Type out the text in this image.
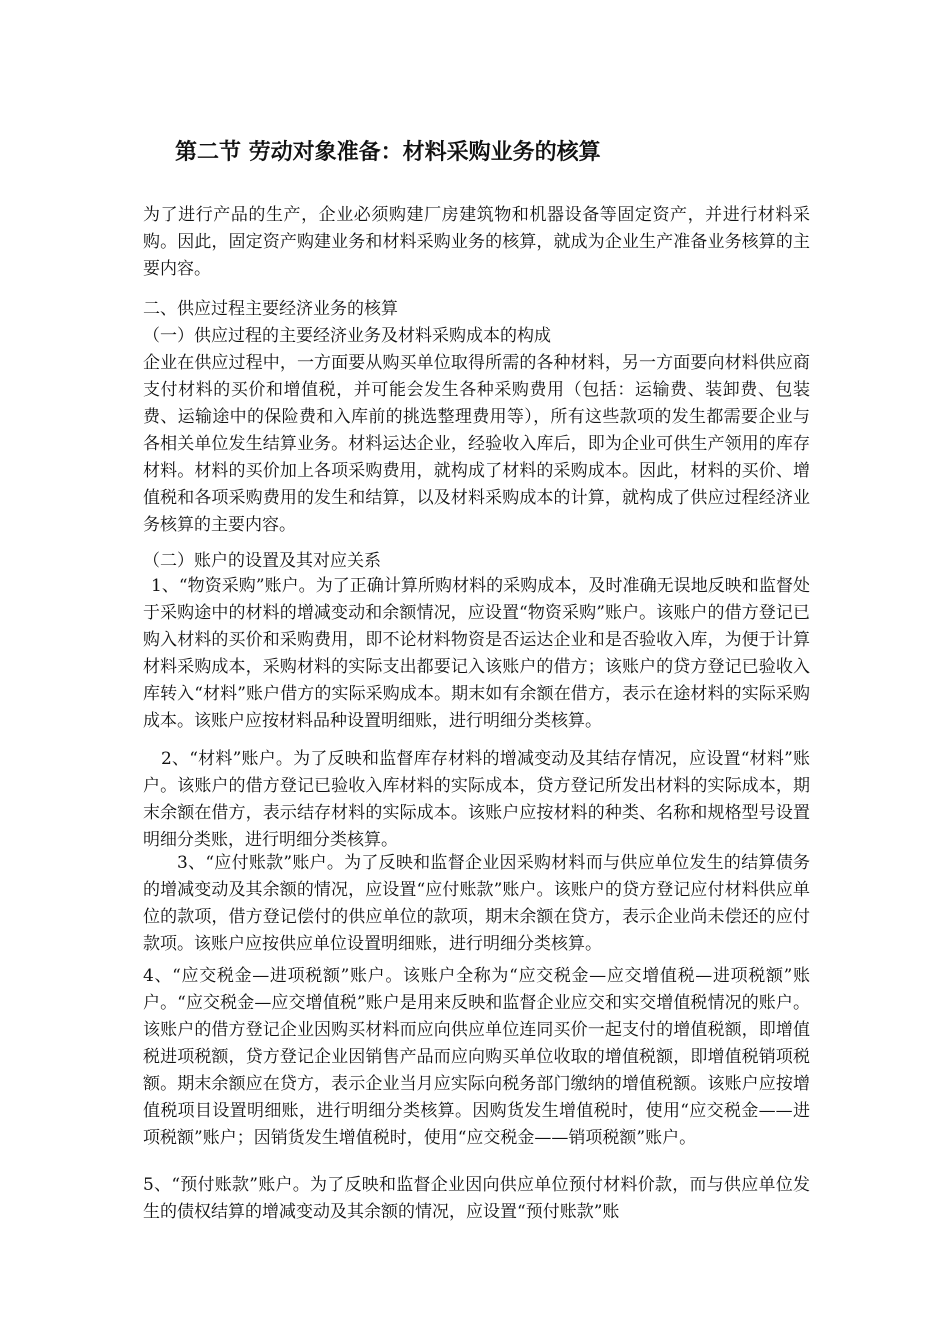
第二节 劳动对象准备：材料采购业务的核算

为了进行产品的生产，企业必须购建厂房建筑物和机器设备等固定资产，并进行材料采购。因此，固定资产购建业务和材料采购业务的核算，就成为企业生产准备业务核算的主要内容。

二、供应过程主要经济业务的核算

（一）供应过程的主要经济业务及材料采购成本的构成

企业在供应过程中，一方面要从购买单位取得所需的各种材料，另一方面要向材料供应商支付材料的买价和增值税，并可能会发生各种采购费用（包括：运输费、装卸费、包装费、运输途中的保险费和入库前的挑选整理费用等），所有这些款项的发生都需要企业与各相关单位发生结算业务。材料运达企业，经验收入库后，即为企业可供生产领用的库存材料。材料的买价加上各项采购费用，就构成了材料的采购成本。因此，材料的买价、增值税和各项采购费用的发生和结算，以及材料采购成本的计算，就构成了供应过程经济业务核算的主要内容。

（二）账户的设置及其对应关系

1、“物资采购”账户。为了正确计算所购材料的采购成本，及时准确无误地反映和监督处于采购途中的材料的增减变动和余额情况，应设置“物资采购”账户。该账户的借方登记已购入材料的买价和采购费用，即不论材料物资是否运达企业和是否验收入库，为便于计算材料采购成本，采购材料的实际支出都要记入该账户的借方；该账户的贷方登记已验收入库转入“材料”账户借方的实际采购成本。期末如有余额在借方，表示在途材料的实际采购成本。该账户应按材料品种设置明细账，进行明细分类核算。

2、“材料”账户。为了反映和监督库存材料的增减变动及其结存情况，应设置“材料”账户。该账户的借方登记已验收入库材料的实际成本，贷方登记所发出材料的实际成本，期末余额在借方，表示结存材料的实际成本。该账户应按材料的种类、名称和规格型号设置明细分类账，进行明细分类核算。

3、“应付账款”账户。为了反映和监督企业因采购材料而与供应单位发生的结算债务的增减变动及其余额的情况，应设置“应付账款”账户。该账户的贷方登记应付材料供应单位的款项，借方登记偿付的供应单位的款项，期末余额在贷方，表示企业尚未偿还的应付款项。该账户应按供应单位设置明细账，进行明细分类核算。

4、“应交税金—进项税额”账户。该账户全称为“应交税金—应交增值税—进项税额”账户。“应交税金—应交增值税”账户是用来反映和监督企业应交和实交增值税情况的账户。该账户的借方登记企业因购买材料而应向供应单位连同买价一起支付的增值税额，即增值税进项税额，贷方登记企业因销售产品而应向购买单位收取的增值税额，即增值税销项税额。期末余额应在贷方，表示企业当月应实际向税务部门缴纳的增值税额。该账户应按增值税项目设置明细账，进行明细分类核算。因购货发生增值税时，使用“应交税金——进项税额”账户；因销货发生增值税时，使用“应交税金——销项税额”账户。

5、“预付账款”账户。为了反映和监督企业因向供应单位预付材料价款，而与供应单位发生的债权结算的增减变动及其余额的情况，应设置“预付账款”账
